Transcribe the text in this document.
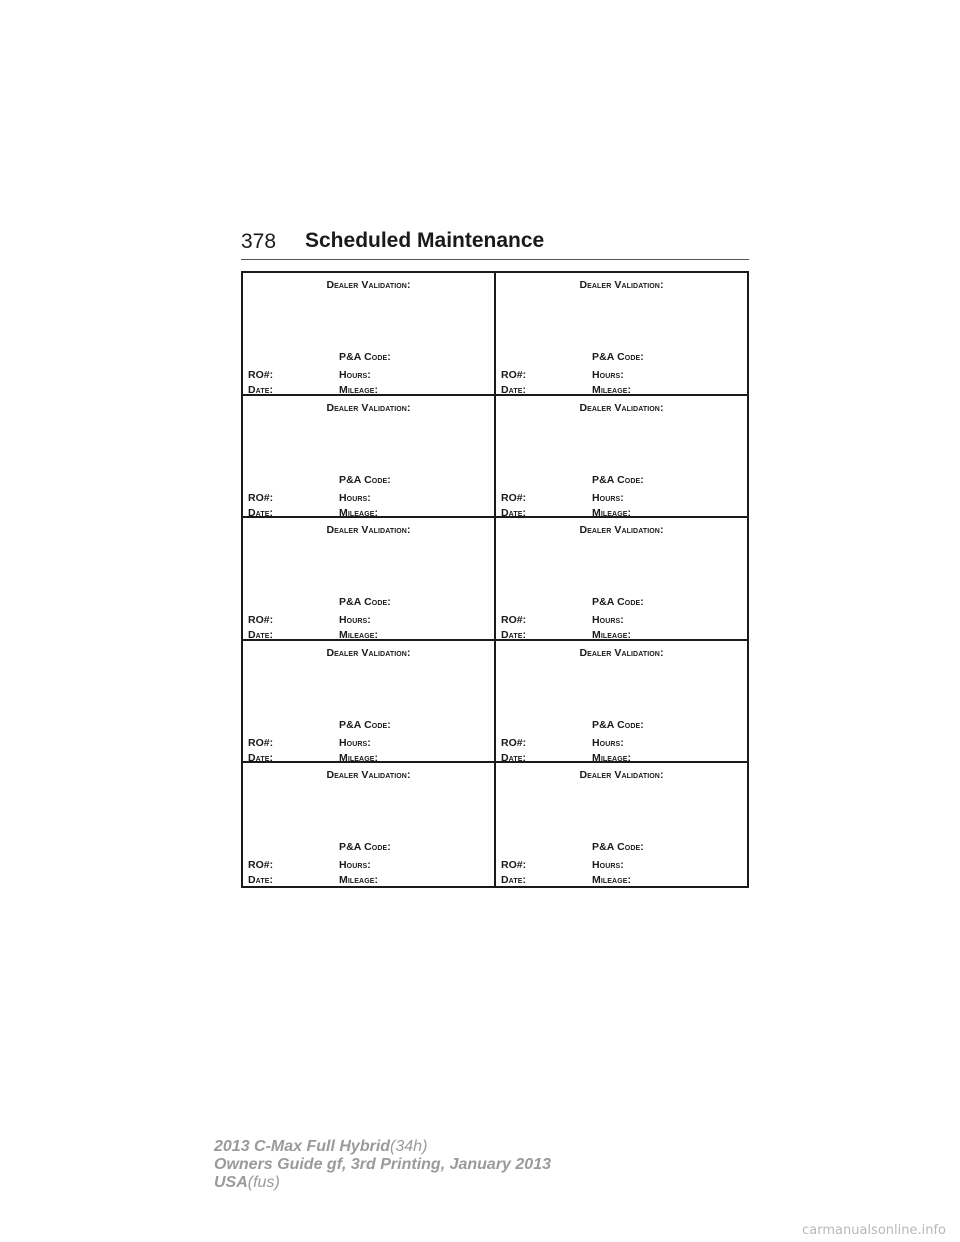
378 Scheduled Maintenance
Dealer Validation:
P&A Code:
RO#:	Hours:
Date:	Mileage:
Dealer Validation:
P&A Code:
RO#:	Hours:
Date:	Mileage:
Dealer Validation:
P&A Code:
RO#:	Hours:
Date:	Mileage:
Dealer Validation:
P&A Code:
RO#:	Hours:
Date:	Mileage:
Dealer Validation:
P&A Code:
RO#:	Hours:
Date:	Mileage:
Dealer Validation:
P&A Code:
RO#:	Hours:
Date:	Mileage:
Dealer Validation:
P&A Code:
RO#:	Hours:
Date:	Mileage:
Dealer Validation:
P&A Code:
RO#:	Hours:
Date:	Mileage:
Dealer Validation:
P&A Code:
RO#:	Hours:
Date:	Mileage:
Dealer Validation:
P&A Code:
RO#:	Hours:
Date:	Mileage:
2013 C-Max Full Hybrid(34h)
Owners Guide gf, 3rd Printing, January 2013
USA(fus)
carmanualsonline.info
